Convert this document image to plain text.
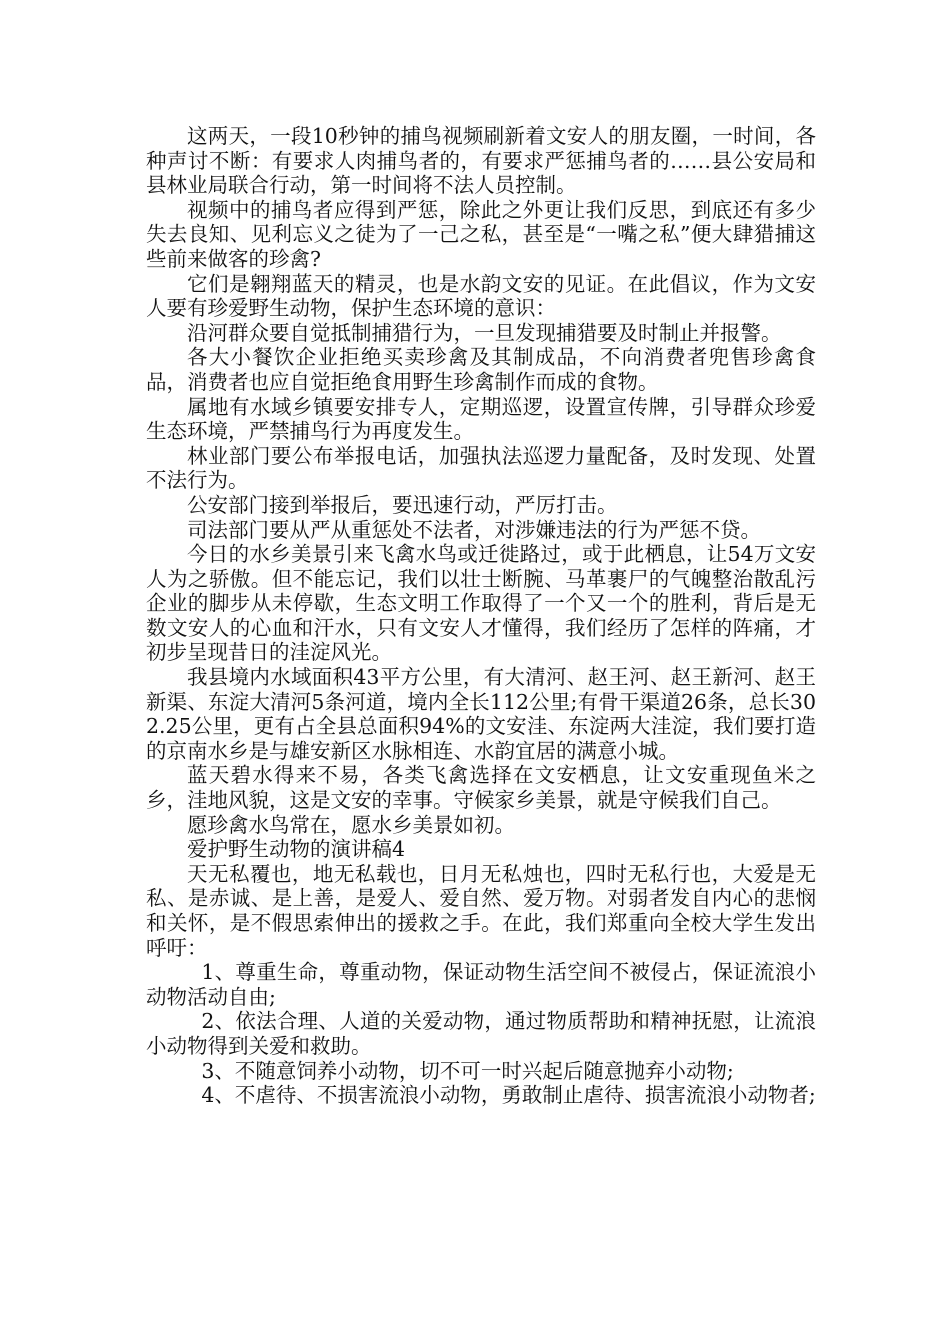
这两天，一段10秒钟的捕鸟视频刷新着文安人的朋友圈，一时间，各种声讨不断：有要求人肉捕鸟者的，有要求严惩捕鸟者的……县公安局和县林业局联合行动，第一时间将不法人员控制。

视频中的捕鸟者应得到严惩，除此之外更让我们反思，到底还有多少失去良知、见利忘义之徒为了一己之私，甚至是“一嘴之私”便大肆猎捕这些前来做客的珍禽?

它们是翱翔蓝天的精灵，也是水韵文安的见证。在此倡议，作为文安人要有珍爱野生动物，保护生态环境的意识：

沿河群众要自觉抵制捕猎行为，一旦发现捕猎要及时制止并报警。

各大小餐饮企业拒绝买卖珍禽及其制成品，不向消费者兜售珍禽食品，消费者也应自觉拒绝食用野生珍禽制作而成的食物。

属地有水域乡镇要安排专人，定期巡逻，设置宣传牌，引导群众珍爱生态环境，严禁捕鸟行为再度发生。

林业部门要公布举报电话，加强执法巡逻力量配备，及时发现、处置不法行为。

公安部门接到举报后，要迅速行动，严厉打击。

司法部门要从严从重惩处不法者，对涉嫌违法的行为严惩不贷。

今日的水乡美景引来飞禽水鸟或迁徙路过，或于此栖息，让54万文安人为之骄傲。但不能忘记，我们以壮士断腕、马革裹尸的气魄整治散乱污企业的脚步从未停歇，生态文明工作取得了一个又一个的胜利，背后是无数文安人的心血和汗水，只有文安人才懂得，我们经历了怎样的阵痛，才初步呈现昔日的洼淀风光。

我县境内水域面积43平方公里，有大清河、赵王河、赵王新河、赵王新渠、东淀大清河5条河道，境内全长112公里;有骨干渠道26条，总长302.25公里，更有占全县总面积94%的文安洼、东淀两大洼淀，我们要打造的京南水乡是与雄安新区水脉相连、水韵宜居的满意小城。

蓝天碧水得来不易，各类飞禽选择在文安栖息，让文安重现鱼米之乡，洼地风貌，这是文安的幸事。守候家乡美景，就是守候我们自己。

愿珍禽水鸟常在，愿水乡美景如初。

爱护野生动物的演讲稿4

天无私覆也，地无私载也，日月无私烛也，四时无私行也，大爱是无私、是赤诚、是上善，是爱人、爱自然、爱万物。对弱者发自内心的悲悯和关怀，是不假思索伸出的援救之手。在此，我们郑重向全校大学生发出呼吁：

1、尊重生命，尊重动物，保证动物生活空间不被侵占，保证流浪小动物活动自由;

2、依法合理、人道的关爱动物，通过物质帮助和精神抚慰，让流浪小动物得到关爱和救助。

3、不随意饲养小动物，切不可一时兴起后随意抛弃小动物;

4、不虐待、不损害流浪小动物，勇敢制止虐待、损害流浪小动物者;
